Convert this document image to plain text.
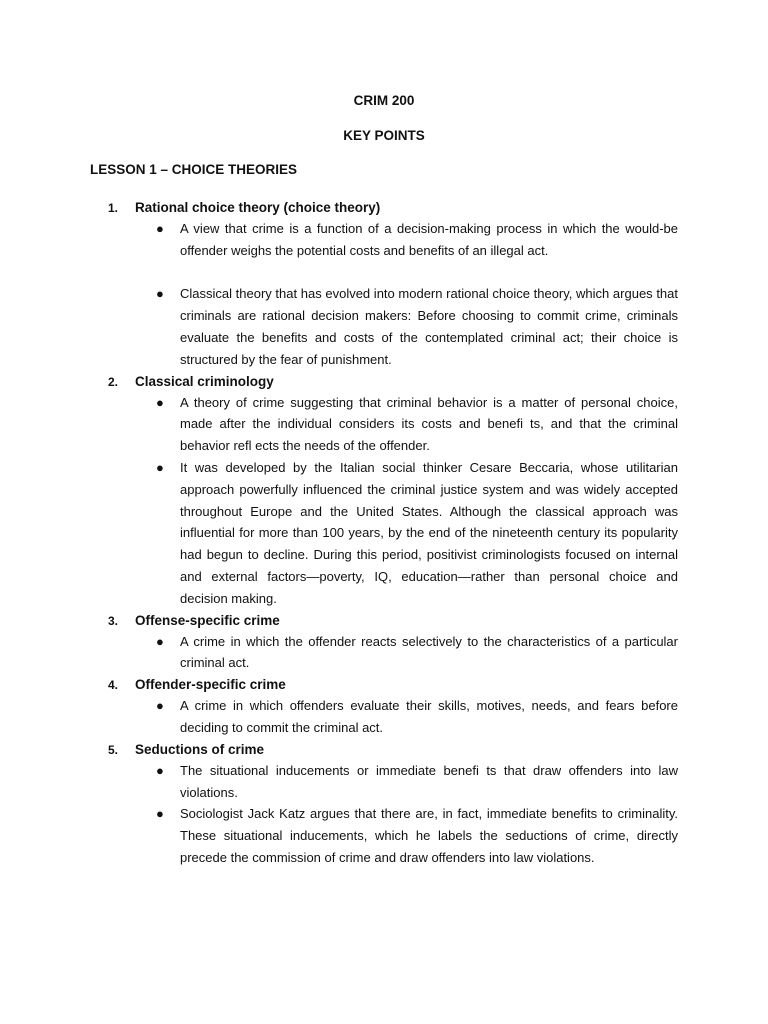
CRIM 200
KEY POINTS
LESSON 1 – CHOICE THEORIES
1. Rational choice theory (choice theory)
● A view that crime is a function of a decision-making process in which the would-be offender weighs the potential costs and benefits of an illegal act.
● Classical theory that has evolved into modern rational choice theory, which argues that criminals are rational decision makers: Before choosing to commit crime, criminals evaluate the benefits and costs of the contemplated criminal act; their choice is structured by the fear of punishment.
2. Classical criminology
● A theory of crime suggesting that criminal behavior is a matter of personal choice, made after the individual considers its costs and benefi ts, and that the criminal behavior refl ects the needs of the offender.
● It was developed by the Italian social thinker Cesare Beccaria, whose utilitarian approach powerfully influenced the criminal justice system and was widely accepted throughout Europe and the United States. Although the classical approach was influential for more than 100 years, by the end of the nineteenth century its popularity had begun to decline. During this period, positivist criminologists focused on internal and external factors—poverty, IQ, education—rather than personal choice and decision making.
3. Offense-specific crime
● A crime in which the offender reacts selectively to the characteristics of a particular criminal act.
4. Offender-specific crime
● A crime in which offenders evaluate their skills, motives, needs, and fears before deciding to commit the criminal act.
5. Seductions of crime
● The situational inducements or immediate benefi ts that draw offenders into law violations.
● Sociologist Jack Katz argues that there are, in fact, immediate benefits to criminality. These situational inducements, which he labels the seductions of crime, directly precede the commission of crime and draw offenders into law violations.
